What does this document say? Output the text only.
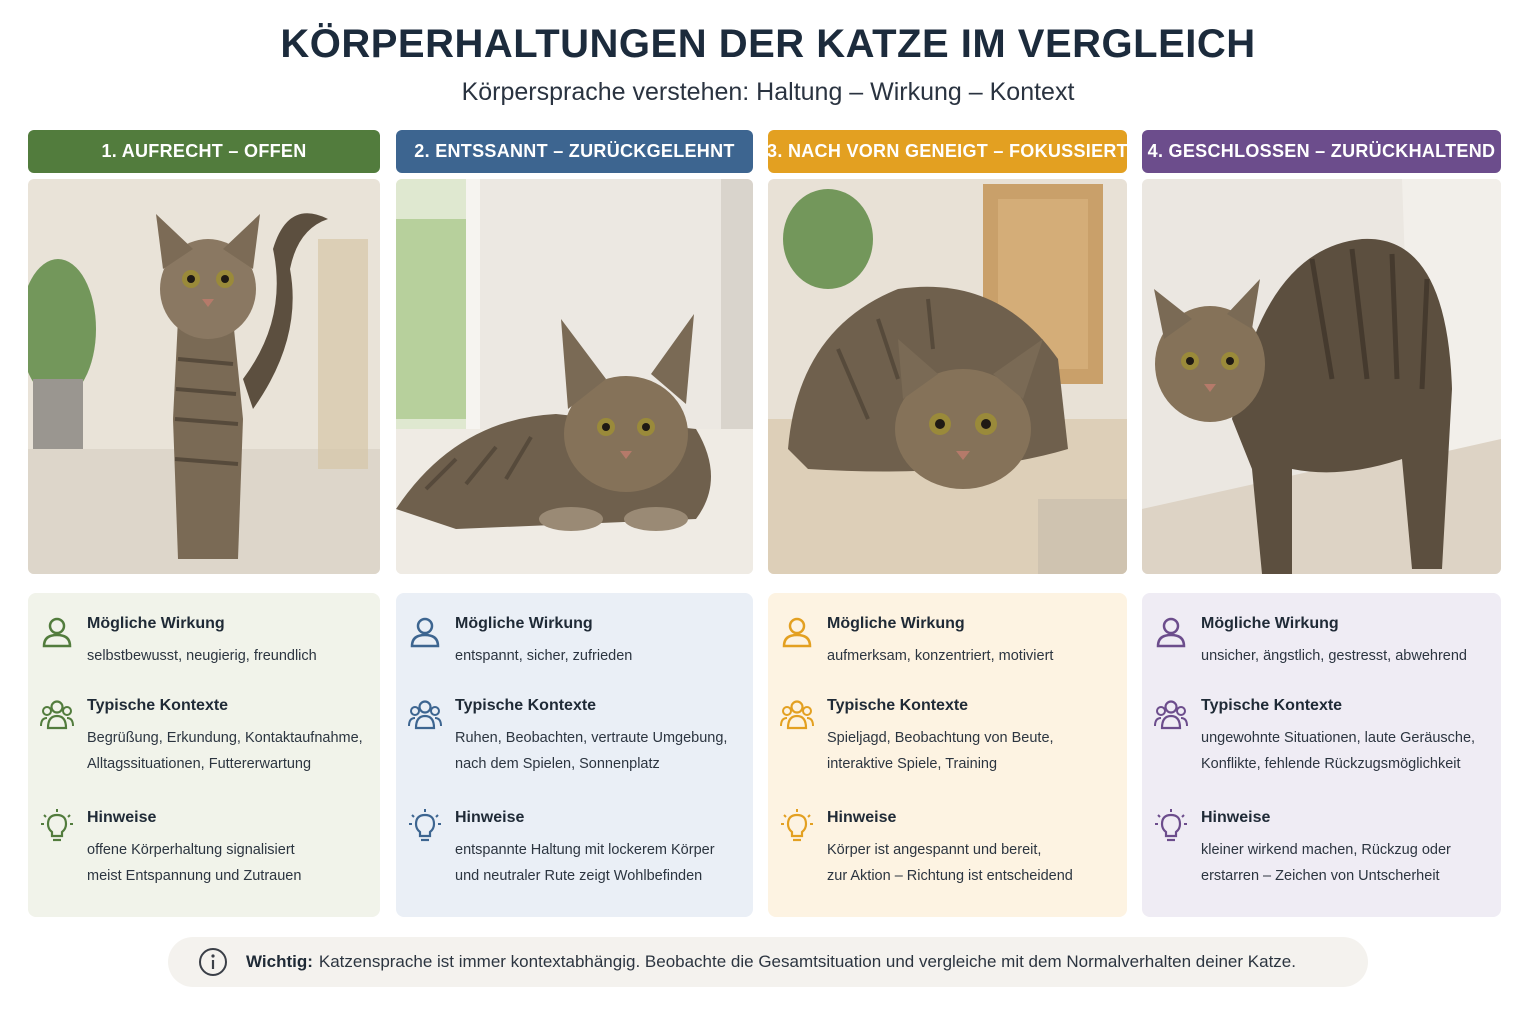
KÖRPERHALTUNGEN DER KATZE IM VERGLEICH
Körpersprache verstehen: Haltung – Wirkung – Kontext
1. AUFRECHT – OFFEN
Mögliche Wirkung
selbstbewusst, neugierig, freundlich
Typische Kontexte
Begrüßung, Erkundung, Kontaktaufnahme,
Alltagssituationen, Futtererwartung
Hinweise
offene Körperhaltung signalisiert
meist Entspannung und Zutrauen
2. ENTSSANNT – ZURÜCKGELEHNT
Mögliche Wirkung
entspannt, sicher, zufrieden
Typische Kontexte
Ruhen, Beobachten, vertraute Umgebung,
nach dem Spielen, Sonnenplatz
Hinweise
entspannte Haltung mit lockerem Körper
und neutraler Rute zeigt Wohlbefinden
3. NACH VORN GENEIGT – FOKUSSIERT
Mögliche Wirkung
aufmerksam, konzentriert, motiviert
Typische Kontexte
Spieljagd, Beobachtung von Beute,
interaktive Spiele, Training
Hinweise
Körper ist angespannt und bereit,
zur Aktion – Richtung ist entscheidend
4. GESCHLOSSEN – ZURÜCKHALTEND
Mögliche Wirkung
unsicher, ängstlich, gestresst, abwehrend
Typische Kontexte
ungewohnte Situationen, laute Geräusche,
Konflikte, fehlende Rückzugsmöglichkeit
Hinweise
kleiner wirkend machen, Rückzug oder
erstarren – Zeichen von Untscherheit
Wichtig: Katzensprache ist immer kontextabhängig. Beobachte die Gesamtsituation und vergleiche mit dem Normalverhalten deiner Katze.
